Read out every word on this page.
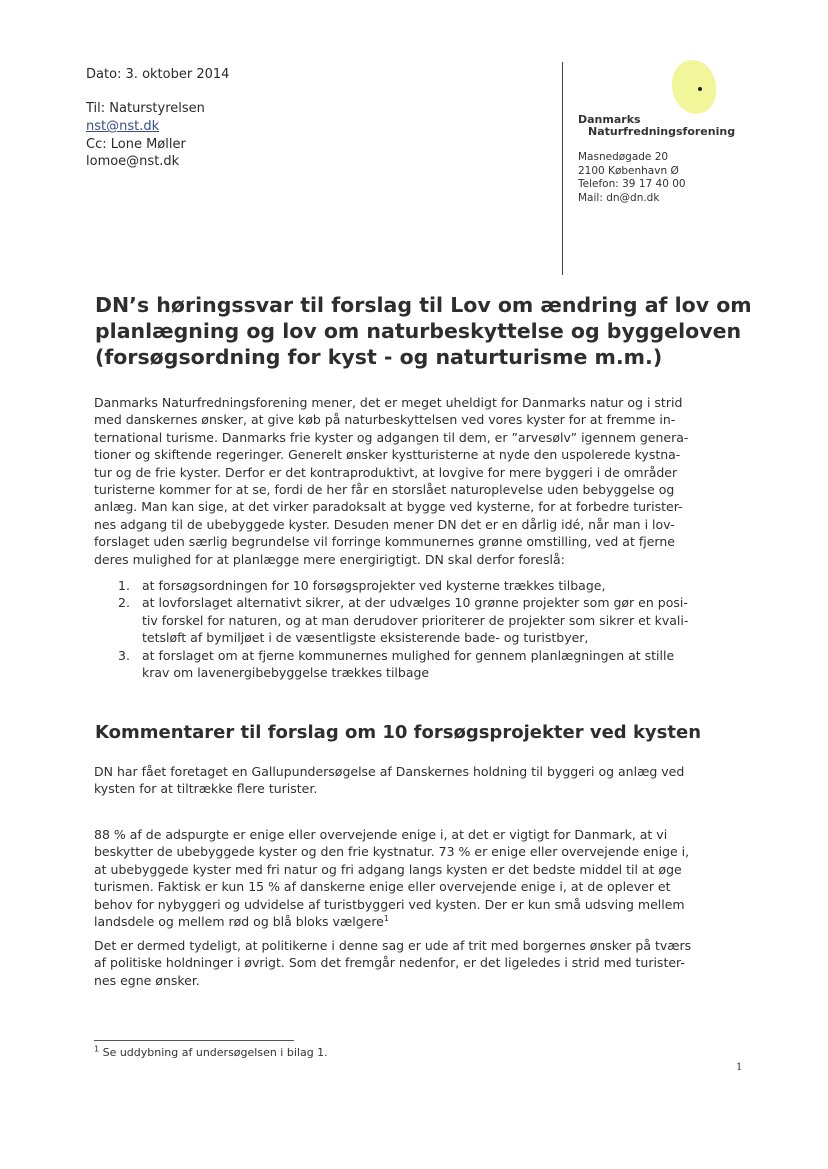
Dato: 3. oktober 2014
Til: Naturstyrelsen
nst@nst.dk
Cc: Lone Møller
lomoe@nst.dk
Danmarks
Naturfredningsforening
Masnedøgade 20
2100 København Ø
Telefon: 39 17 40 00
Mail: dn@dn.dk
DN’s høringssvar til forslag til Lov om ændring af lov om
planlægning og lov om naturbeskyttelse og byggeloven
(forsøgsordning for kyst - og naturturisme m.m.)
Danmarks Naturfredningsforening mener, det er meget uheldigt for Danmarks natur og i strid
med danskernes ønsker, at give køb på naturbeskyttelsen ved vores kyster for at fremme in-
ternational turisme. Danmarks frie kyster og adgangen til dem, er ”arvesølv” igennem genera-
tioner og skiftende regeringer. Generelt ønsker kystturisterne at nyde den uspolerede kystna-
tur og de frie kyster. Derfor er det kontraproduktivt, at lovgive for mere byggeri i de områder
turisterne kommer for at se, fordi de her får en storslået naturoplevelse uden bebyggelse og
anlæg. Man kan sige, at det virker paradoksalt at bygge ved kysterne, for at forbedre turister-
nes adgang til de ubebyggede kyster. Desuden mener DN det er en dårlig idé, når man i lov-
forslaget uden særlig begrundelse vil forringe kommunernes grønne omstilling, ved at fjerne
deres mulighed for at planlægge mere energirigtigt. DN skal derfor foreslå:
1. at forsøgsordningen for 10 forsøgsprojekter ved kysterne trækkes tilbage,
2. at lovforslaget alternativt sikrer, at der udvælges 10 grønne projekter som gør en posi-
tiv forskel for naturen, og at man derudover prioriterer de projekter som sikrer et kvali-
tetsløft af bymiljøet i de væsentligste eksisterende bade- og turistbyer,
3. at forslaget om at fjerne kommunernes mulighed for gennem planlægningen at stille
krav om lavenergibebyggelse trækkes tilbage
Kommentarer til forslag om 10 forsøgsprojekter ved kysten
DN har fået foretaget en Gallupundersøgelse af Danskernes holdning til byggeri og anlæg ved
kysten for at tiltrække flere turister.
88 % af de adspurgte er enige eller overvejende enige i, at det er vigtigt for Danmark, at vi
beskytter de ubebyggede kyster og den frie kystnatur. 73 % er enige eller overvejende enige i,
at ubebyggede kyster med fri natur og fri adgang langs kysten er det bedste middel til at øge
turismen. Faktisk er kun 15 % af danskerne enige eller overvejende enige i, at de oplever et
behov for nybyggeri og udvidelse af turistbyggeri ved kysten. Der er kun små udsving mellem
landsdele og mellem rød og blå bloks vælgere$^1$
Det er dermed tydeligt, at politikerne i denne sag er ude af trit med borgernes ønsker på tværs
af politiske holdninger i øvrigt. Som det fremgår nedenfor, er det ligeledes i strid med turister-
nes egne ønsker.
$^1$ Se uddybning af undersøgelsen i bilag 1.
1
